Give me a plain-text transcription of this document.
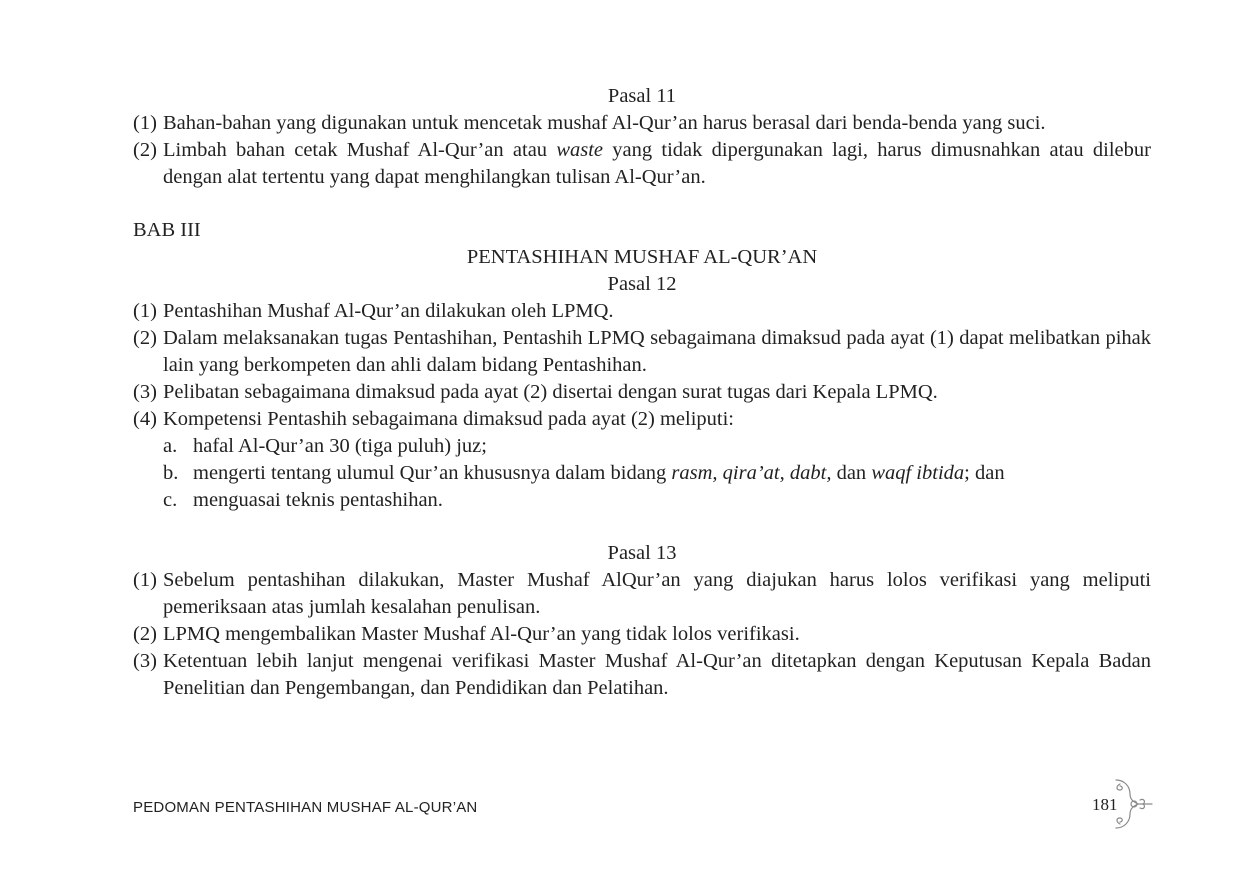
Pasal 11
(1) Bahan-bahan yang digunakan untuk mencetak mushaf Al-Qur’an harus berasal dari benda-benda yang suci.
(2) Limbah bahan cetak Mushaf Al-Qur’an atau waste yang tidak dipergunakan lagi, harus dimusnahkan atau dilebur dengan alat tertentu yang dapat menghilangkan tulisan Al-Qur’an.
BAB III
PENTASHIHAN MUSHAF AL-QUR’AN
Pasal 12
(1) Pentashihan Mushaf Al-Qur’an dilakukan oleh LPMQ.
(2) Dalam melaksanakan tugas Pentashihan, Pentashih LPMQ sebagaimana dimaksud pada ayat (1) dapat melibatkan pihak lain yang berkompeten dan ahli dalam bidang Pentashihan.
(3) Pelibatan sebagaimana dimaksud pada ayat (2) disertai dengan surat tugas dari Kepala LPMQ.
(4) Kompetensi Pentashih sebagaimana dimaksud pada ayat (2) meliputi:
a. hafal Al-Qur’an 30 (tiga puluh) juz;
b. mengerti tentang ulumul Qur’an khususnya dalam bidang rasm, qira’at, dabt, dan waqf ibtida; dan
c. menguasai teknis pentashihan.
Pasal 13
(1) Sebelum pentashihan dilakukan, Master Mushaf AlQur’an yang diajukan harus lolos verifikasi yang meliputi pemeriksaan atas jumlah kesalahan penulisan.
(2) LPMQ mengembalikan Master Mushaf Al-Qur’an yang tidak lolos verifikasi.
(3) Ketentuan lebih lanjut mengenai verifikasi Master Mushaf Al-Qur’an ditetapkan dengan Keputusan Kepala Badan Penelitian dan Pengembangan, dan Pendidikan dan Pelatihan.
PEDOMAN PENTASHIHAN MUSHAF AL-QUR’AN	181
